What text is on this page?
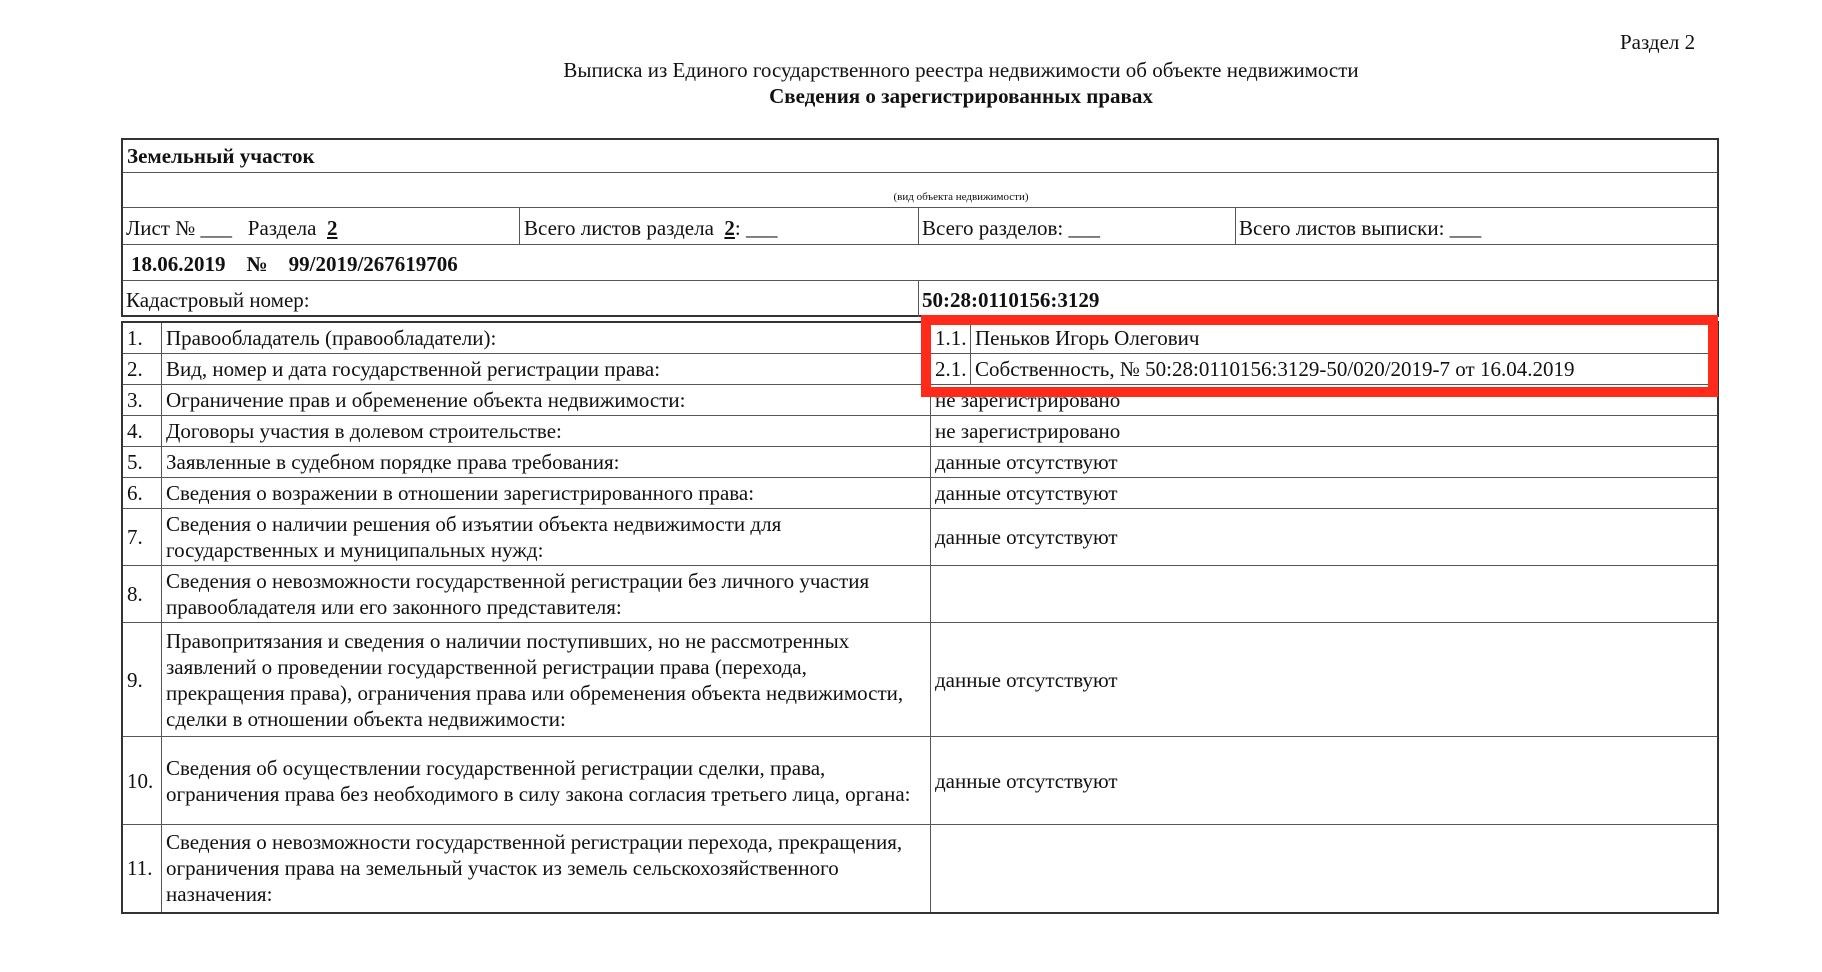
Раздел 2
Выписка из Единого государственного реестра недвижимости об объекте недвижимости
Сведения о зарегистрированных правах
Земельный участок
(вид объекта недвижимости)
Лист № ___ Раздела 2	Всего листов раздела 2: ___	Всего разделов: ___	Всего листов выписки: ___
18.06.2019 № 99/2019/267619706
Кадастровый номер:	50:28:0110156:3129
1.	Правообладатель (правообладатели):	1.1. Пеньков Игорь Олегович

2.	Вид, номер и дата государственной регистрации права:	2.1. Собственность, № 50:28:0110156:3129-50/020/2019-7 от 16.04.2019

3.	Ограничение прав и обременение объекта недвижимости:	не зарегистрировано
4.	Договоры участия в долевом строительстве:	не зарегистрировано
5.	Заявленные в судебном порядке права требования:	данные отсутствуют
6.	Сведения о возражении в отношении зарегистрированного права:	данные отсутствуют
7.	Сведения о наличии решения об изъятии объекта недвижимости для государственных и муниципальных нужд:	данные отсутствуют
8.	Сведения о невозможности государственной регистрации без личного участия правообладателя или его законного представителя:	
9.	Правопритязания и сведения о наличии поступивших, но не рассмотренных заявлений о проведении государственной регистрации права (перехода, прекращения права), ограничения права или обременения объекта недвижимости, сделки в отношении объекта недвижимости:	данные отсутствуют
10.	Сведения об осуществлении государственной регистрации сделки, права, ограничения права без необходимого в силу закона согласия третьего лица, органа:	данные отсутствуют
11.	Сведения о невозможности государственной регистрации перехода, прекращения, ограничения права на земельный участок из земель сельскохозяйственного назначения:	
